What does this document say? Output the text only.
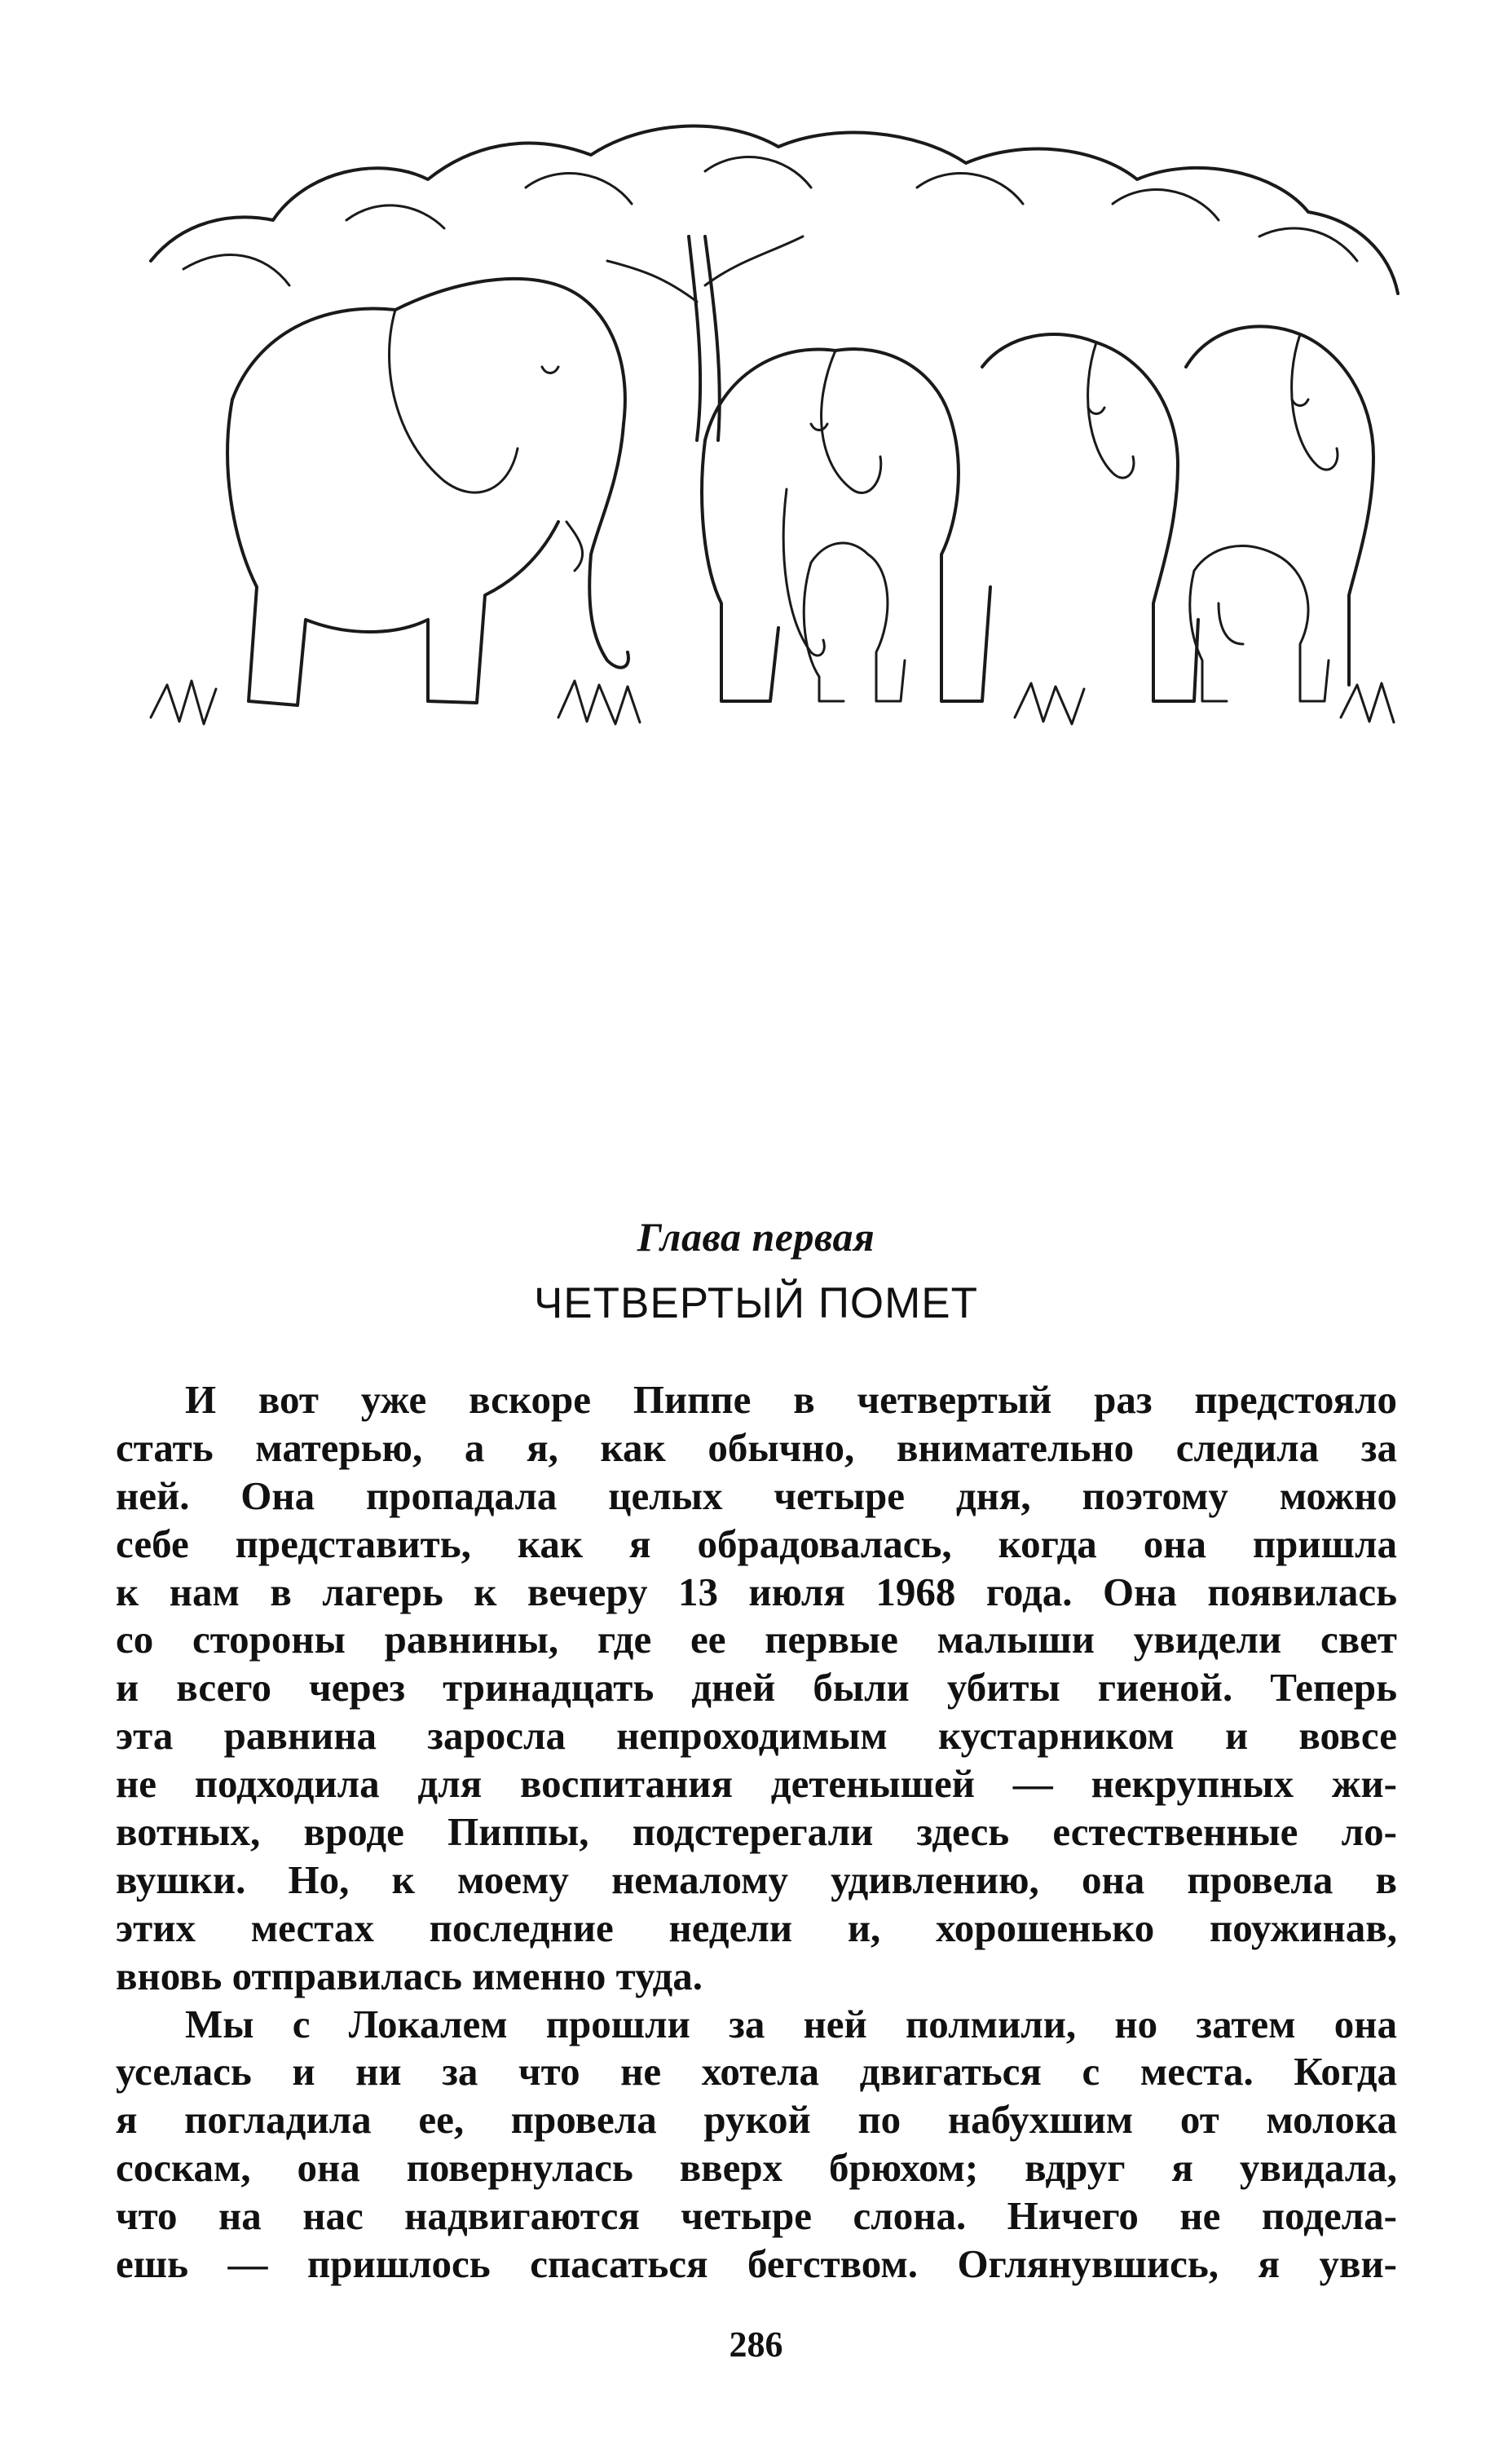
Глава первая
ЧЕТВЕРТЫЙ ПОМЕТ
И вот уже вскоре Пиппе в четвертый раз предстояло
стать матерью, а я, как обычно, внимательно следила за
ней. Она пропадала целых четыре дня, поэтому можно
себе представить, как я обрадовалась, когда она пришла
к нам в лагерь к вечеру 13 июля 1968 года. Она появилась
со стороны равнины, где ее первые малыши увидели свет
и всего через тринадцать дней были убиты гиеной. Теперь
эта равнина заросла непроходимым кустарником и вовсе
не подходила для воспитания детенышей — некрупных жи-
вотных, вроде Пиппы, подстерегали здесь естественные ло-
вушки. Но, к моему немалому удивлению, она провела в
этих местах последние недели и, хорошенько поужинав,
вновь отправилась именно туда.
Мы с Локалем прошли за ней полмили, но затем она
уселась и ни за что не хотела двигаться с места. Когда
я погладила ее, провела рукой по набухшим от молока
соскам, она повернулась вверх брюхом; вдруг я увидала,
что на нас надвигаются четыре слона. Ничего не подела-
ешь — пришлось спасаться бегством. Оглянувшись, я уви-
286
